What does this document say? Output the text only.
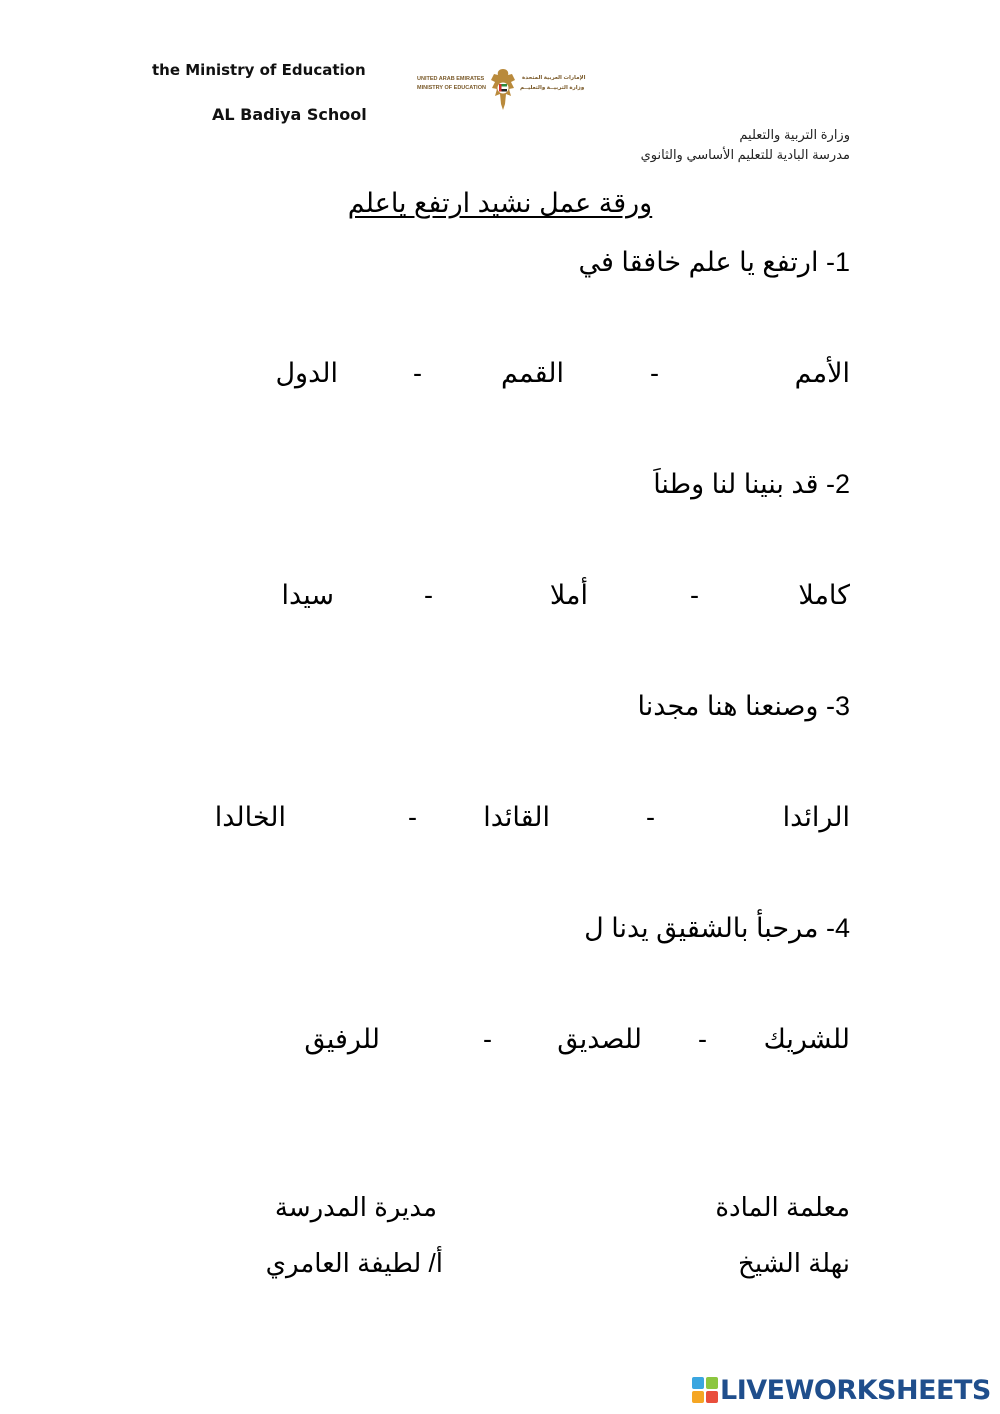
the Ministry of Education
AL Badiya School
UNITED ARAB EMIRATES
MINISTRY OF EDUCATION
الإمارات العربية المتحدة
وزارة التربيــة والتعليــم
وزارة التربية والتعليم
مدرسة البادية للتعليم الأساسي والثانوي
ورقة عمل نشيد ارتفع ياعلم
1- ارتفع يا علم خافقا في
الأمم
-
القمم
-
الدول
2- قد بنينا لنا وطناَ
كاملا
-
أملا
-
سيدا
3- وصنعنا هنا مجدنا
الرائدا
-
القائدا
-
الخالدا
4- مرحبأ بالشقيق يدنا ل
للشريك
-
للصديق
-
للرفيق
معلمة المادة
نهلة الشيخ
مديرة المدرسة
أ/ لطيفة العامري
LIVEWORKSHEETS
